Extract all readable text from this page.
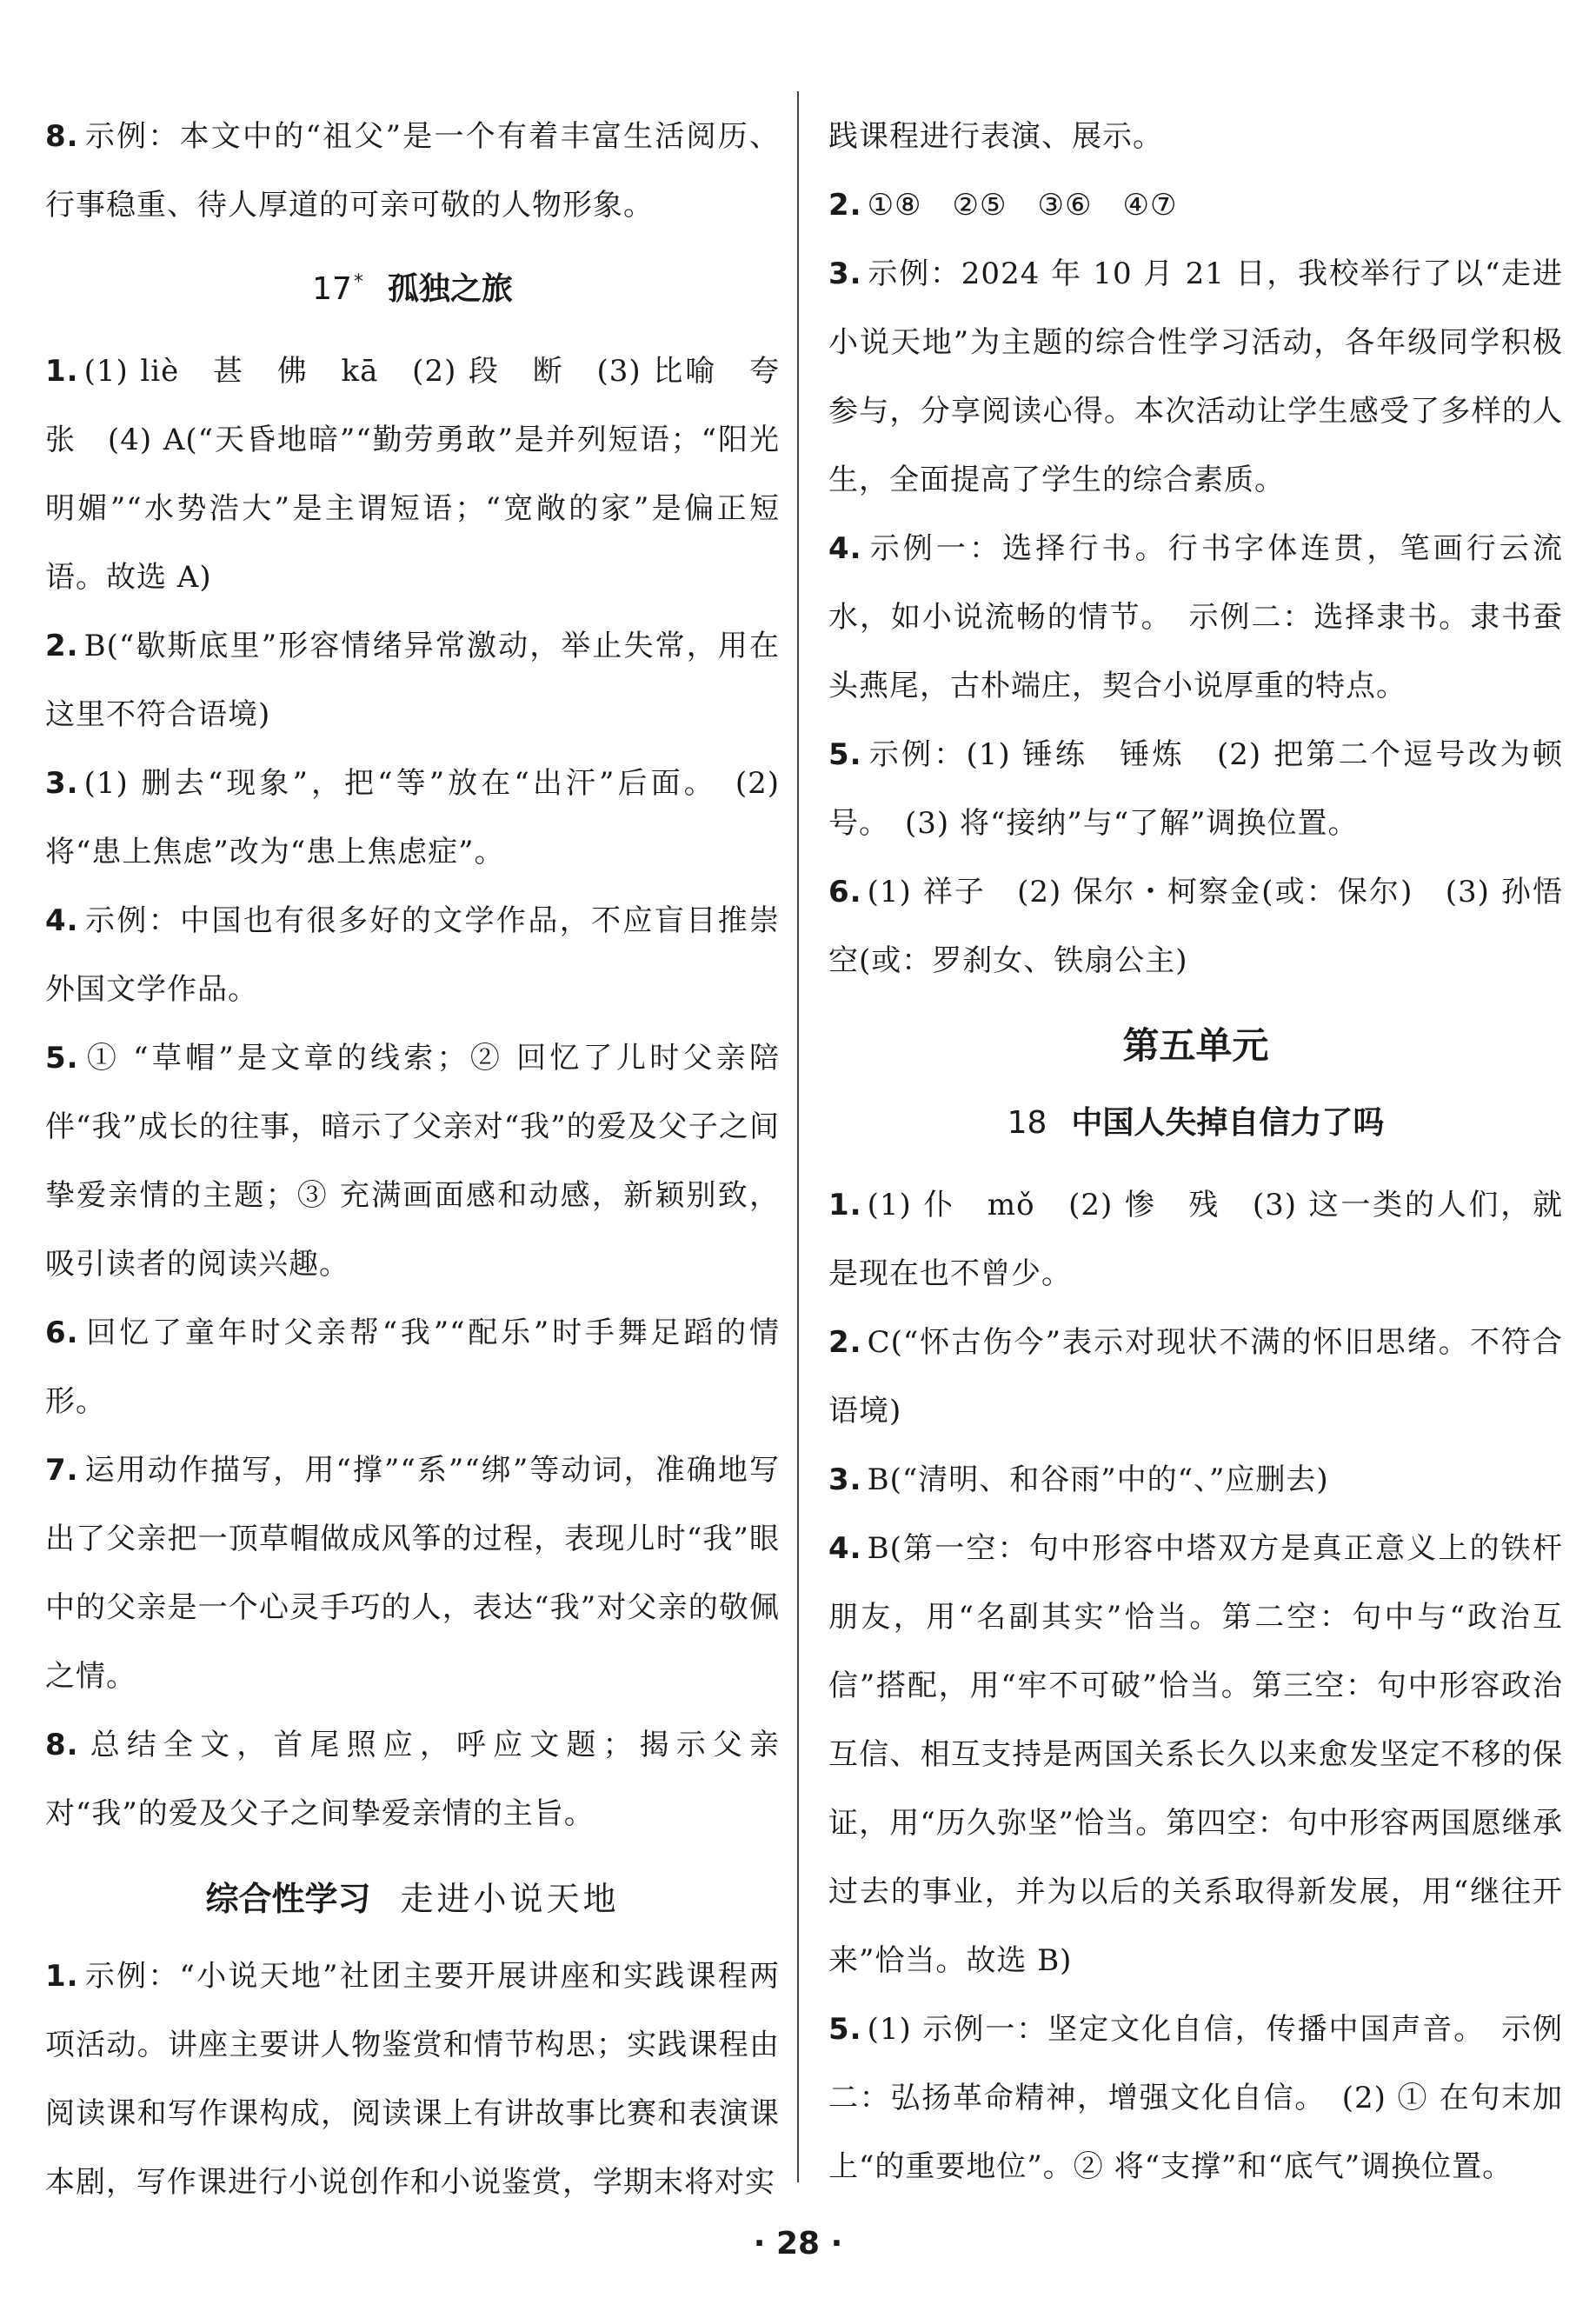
8. 示例：本文中的“祖父”是一个有着丰富生活阅历、行事稳重、待人厚道的可亲可敬的人物形象。

17* 孤独之旅

1. (1) liè　甚　佛　kā　(2) 段　断　(3) 比喻　夸张　(4) A(“天昏地暗”“勤劳勇敢”是并列短语；“阳光明媚”“水势浩大”是主谓短语；“宽敞的家”是偏正短语。故选 A)

2. B(“歇斯底里”形容情绪异常激动，举止失常，用在这里不符合语境)

3. (1) 删去“现象”，把“等”放在“出汗”后面。　(2) 将“患上焦虑”改为“患上焦虑症”。

4. 示例：中国也有很多好的文学作品，不应盲目推崇外国文学作品。

5. ① “草帽”是文章的线索；② 回忆了儿时父亲陪伴“我”成长的往事，暗示了父亲对“我”的爱及父子之间挚爱亲情的主题；③ 充满画面感和动感，新颖别致，吸引读者的阅读兴趣。

6. 回忆了童年时父亲帮“我”“配乐”时手舞足蹈的情形。

7. 运用动作描写，用“撑”“系”“绑”等动词，准确地写出了父亲把一顶草帽做成风筝的过程，表现儿时“我”眼中的父亲是一个心灵手巧的人，表达“我”对父亲的敬佩之情。

8. 总结全文，首尾照应，呼应文题；揭示父亲对“我”的爱及父子之间挚爱亲情的主旨。

综合性学习 走进小说天地

1. 示例：“小说天地”社团主要开展讲座和实践课程两项活动。讲座主要讲人物鉴赏和情节构思；实践课程由阅读课和写作课构成，阅读课上有讲故事比赛和表演课本剧，写作课进行小说创作和小说鉴赏，学期末将对实

践课程进行表演、展示。

2. ①⑧　②⑤　③⑥　④⑦

3. 示例：2024 年 10 月 21 日，我校举行了以“走进小说天地”为主题的综合性学习活动，各年级同学积极参与，分享阅读心得。本次活动让学生感受了多样的人生，全面提高了学生的综合素质。

4. 示例一：选择行书。行书字体连贯，笔画行云流水，如小说流畅的情节。　示例二：选择隶书。隶书蚕头燕尾，古朴端庄，契合小说厚重的特点。

5. 示例：(1) 锤练　锤炼　(2) 把第二个逗号改为顿号。　(3) 将“接纳”与“了解”调换位置。

6. (1) 祥子　(2) 保尔・柯察金(或：保尔)　(3) 孙悟空(或：罗刹女、铁扇公主)

第五单元
18 中国人失掉自信力了吗

1. (1) 仆　mǒ　(2) 惨　残　(3) 这一类的人们，就是现在也不曾少。

2. C(“怀古伤今”表示对现状不满的怀旧思绪。不符合语境)

3. B(“清明、和谷雨”中的“、”应删去)

4. B(第一空：句中形容中塔双方是真正意义上的铁杆朋友，用“名副其实”恰当。第二空：句中与“政治互信”搭配，用“牢不可破”恰当。第三空：句中形容政治互信、相互支持是两国关系长久以来愈发坚定不移的保证，用“历久弥坚”恰当。第四空：句中形容两国愿继承过去的事业，并为以后的关系取得新发展，用“继往开来”恰当。故选 B)

5. (1) 示例一：坚定文化自信，传播中国声音。　示例二：弘扬革命精神，增强文化自信。　(2) ① 在句末加上“的重要地位”。② 将“支撑”和“底气”调换位置。

· 28 ·
